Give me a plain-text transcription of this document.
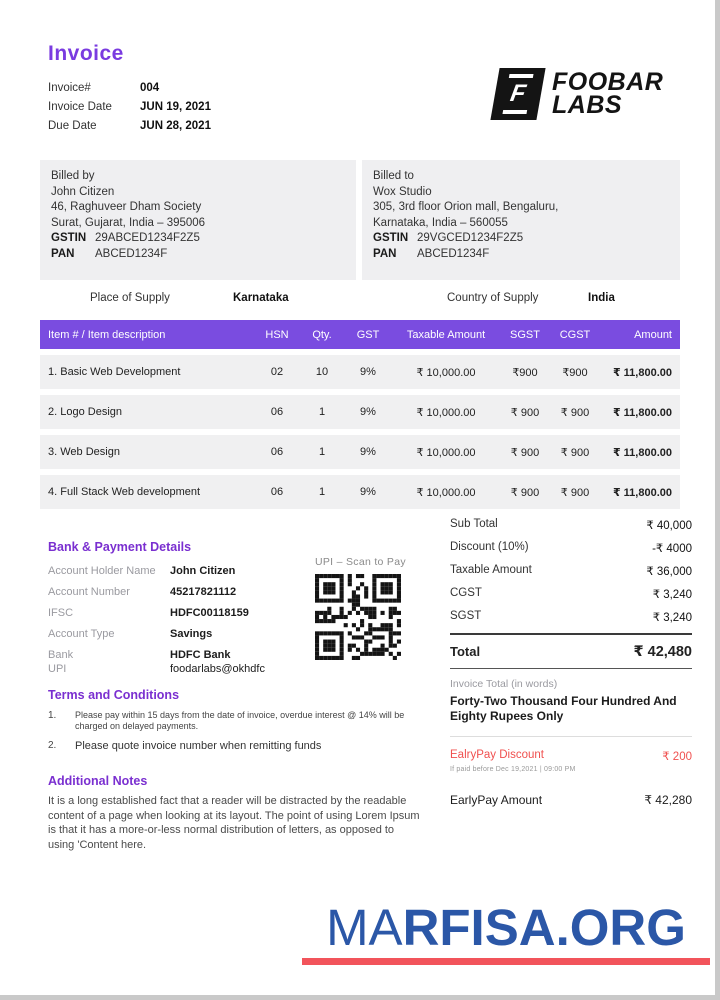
Invoice
Invoice#	004
Invoice Date	JUN 19, 2021
Due Date	JUN 28, 2021
F FOOBAR
LABS
Billed by
John Citizen
46, Raghuveer Dham Society
Surat, Gujarat, India – 395006
GSTIN 29ABCED1234F2Z5
PAN ABCED1234F
Billed to
Wox Studio
305, 3rd floor Orion mall, Bengaluru,
Karnataka, India – 560055
GSTIN 29VGCED1234F2Z5
PAN ABCED1234F
Place of Supply	Karnataka	Country of Supply	India
Item # / Item description	HSN	Qty.	GST	Taxable Amount	SGST	CGST	Amount
1. Basic Web Development	02	10	9%	₹ 10,000.00	₹900	₹900	₹ 11,800.00
2. Logo Design	06	1	9%	₹ 10,000.00	₹ 900	₹ 900	₹ 11,800.00
3. Web Design	06	1	9%	₹ 10,000.00	₹ 900	₹ 900	₹ 11,800.00
4. Full Stack Web development	06	1	9%	₹ 10,000.00	₹ 900	₹ 900	₹ 11,800.00
Bank & Payment Details
Account Holder Name	John Citizen
Account Number	45217821112
IFSC	HDFC00118159
Account Type	Savings
Bank	HDFC Bank
UPI	foodarlabs@okhdfc
UPI – Scan to Pay
Sub Total	₹ 40,000
Discount (10%)	-₹ 4000
Taxable Amount	₹ 36,000
CGST	₹ 3,240
SGST	₹ 3,240
Total	₹ 42,480
Invoice Total (in words)
Forty-Two Thousand Four Hundred And Eighty Rupees Only
EalryPay Discount	₹ 200
If paid before Dec 19,2021 | 09:00 PM
EarlyPay Amount	₹ 42,280
Terms and Conditions
1.	Please pay within 15 days from the date of invoice, overdue interest @ 14% will be charged on delayed payments.
2.	Please quote invoice number when remitting funds
Additional Notes
It is a long established fact that a reader will be distracted by the readable content of a page when looking at its layout. The point of using Lorem Ipsum is that it has a more-or-less normal distribution of letters, as opposed to using 'Content here.
MARFISA.ORG
